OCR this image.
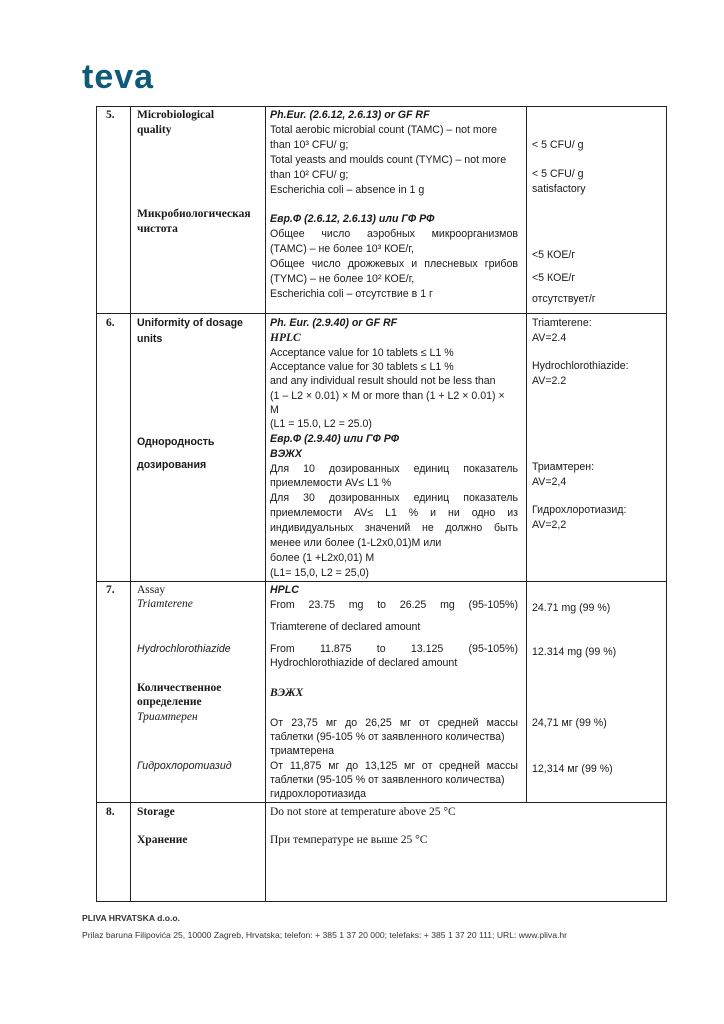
teva
5. Microbiological
quality
Микробиологическая
чистота
Ph.Eur. (2.6.12, 2.6.13) or GF RF
Total aerobic microbial count (TAMC) – not more
than 10³ CFU/ g;
Total yeasts and moulds count (TYMC) – not more
than 10² CFU/ g;
Escherichia coli – absence in 1 g
Евр.Ф (2.6.12, 2.6.13) или ГФ РФ
Общее число аэробных микроорганизмов
(ТАМС) – не более 10³ КОЕ/г,
Общее число дрожжевых и плесневых грибов
(TYMC) – не более 10² КОЕ/г,
Escherichia coli – отсутствие в 1 г
< 5 CFU/ g
< 5 CFU/ g
satisfactory
<5 КОЕ/г
<5 КОЕ/г
отсутствует/г
6. Uniformity of dosage
units
Однородность
дозирования
Ph. Eur. (2.9.40) or GF RF
HPLC
Acceptance value for 10 tablets ≤ L1 %
Acceptance value for 30 tablets ≤ L1 %
and any individual result should not be less than
(1 – L2 × 0.01) × M or more than (1 + L2 × 0.01) ×
M
(L1 = 15.0, L2 = 25.0)
Евр.Ф (2.9.40) или ГФ РФ
ВЭЖХ
Для 10 дозированных единиц показатель
приемлемости AV≤ L1 %
Для 30 дозированных единиц показатель
приемлемости AV≤ L1 % и ни одно из
индивидуальных значений не должно быть
менее или более (1-L2x0,01)M или
более (1 +L2x0,01) M
(L1= 15,0, L2 = 25,0)
Triamterene:
AV=2.4
Hydrochlorothiazide:
AV=2.2
Триамтерен:
AV=2,4
Гидрохлоротиазид:
AV=2,2
7. Assay
Triamterene
Hydrochlorothiazide
Количественное
определение
Триамтерен
Гидрохлоротиазид
HPLC
From 23.75 mg to 26.25 mg (95-105%)
Triamterene of declared amount
From 11.875 to 13.125 (95-105%)
Hydrochlorothiazide of declared amount
ВЭЖХ
От 23,75 мг до 26,25 мг от средней массы
таблетки (95-105 % от заявленного количества)
триамтерена
От 11,875 мг до 13,125 мг от средней массы
таблетки (95-105 % от заявленного количества)
гидрохлоротиазида
24.71 mg (99 %)
12.314 mg (99 %)
24,71 мг (99 %)
12,314 мг (99 %)
8. Storage
Хранение
Do not store at temperature above 25 °C
При температуре не выше 25 °С
PLIVA HRVATSKA d.o.o.
Prilaz baruna Filipovića 25, 10000 Zagreb, Hrvatska; telefon: + 385 1 37 20 000; telefaks: + 385 1 37 20 111; URL: www.pliva.hr
